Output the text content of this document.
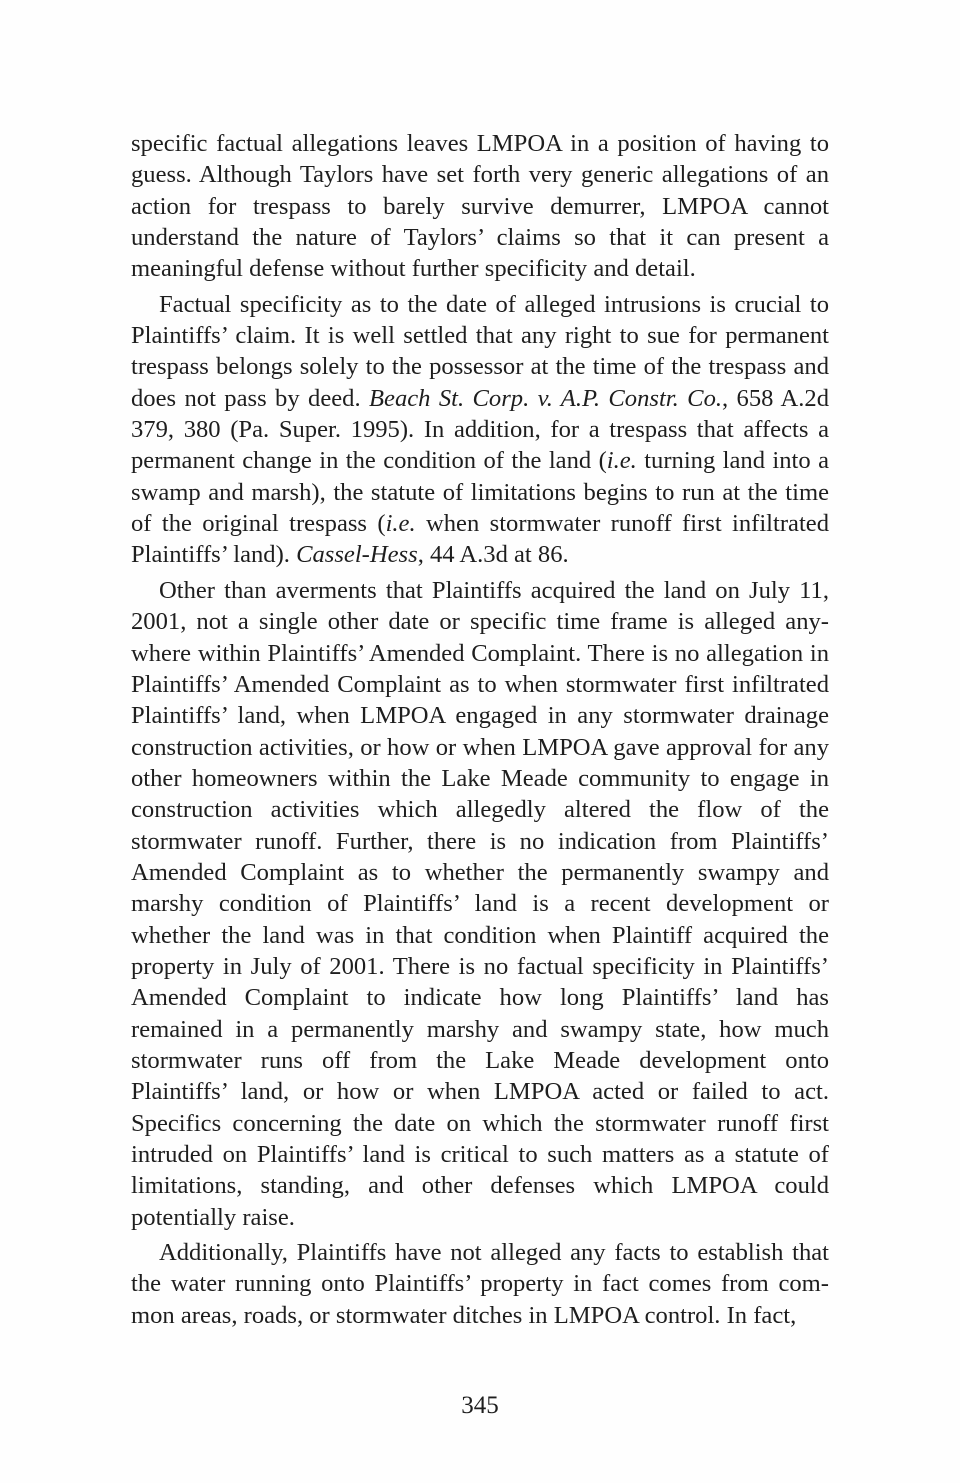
specific factual allegations leaves LMPOA in a position of having to guess. Although Taylors have set forth very generic allegations of an action for trespass to barely survive demurrer, LMPOA cannot understand the nature of Taylors’ claims so that it can present a meaningful defense without further specificity and detail.

Factual specificity as to the date of alleged intrusions is crucial to Plaintiffs’ claim. It is well settled that any right to sue for permanent trespass belongs solely to the possessor at the time of the trespass and does not pass by deed. Beach St. Corp. v. A.P. Constr. Co., 658 A.2d 379, 380 (Pa. Super. 1995). In addition, for a trespass that affects a permanent change in the condition of the land (i.e. turning land into a swamp and marsh), the statute of limitations begins to run at the time of the original trespass (i.e. when stormwater runoff first infiltrated Plaintiffs’ land). Cassel-Hess, 44 A.3d at 86.

Other than averments that Plaintiffs acquired the land on July 11, 2001, not a single other date or specific time frame is alleged anywhere within Plaintiffs’ Amended Complaint. There is no allegation in Plaintiffs’ Amended Complaint as to when stormwater first infiltrated Plaintiffs’ land, when LMPOA engaged in any stormwater drainage construction activities, or how or when LMPOA gave approval for any other homeowners within the Lake Meade community to engage in construction activities which allegedly altered the flow of the stormwater runoff. Further, there is no indication from Plaintiffs’ Amended Complaint as to whether the permanently swampy and marshy condition of Plaintiffs’ land is a recent development or whether the land was in that condition when Plaintiff acquired the property in July of 2001. There is no factual specificity in Plaintiffs’ Amended Complaint to indicate how long Plaintiffs’ land has remained in a permanently marshy and swampy state, how much stormwater runs off from the Lake Meade development onto Plaintiffs’ land, or how or when LMPOA acted or failed to act. Specifics concerning the date on which the stormwater runoff first intruded on Plaintiffs’ land is critical to such matters as a statute of limitations, standing, and other defenses which LMPOA could potentially raise.

Additionally, Plaintiffs have not alleged any facts to establish that the water running onto Plaintiffs’ property in fact comes from common areas, roads, or stormwater ditches in LMPOA control. In fact,

345
